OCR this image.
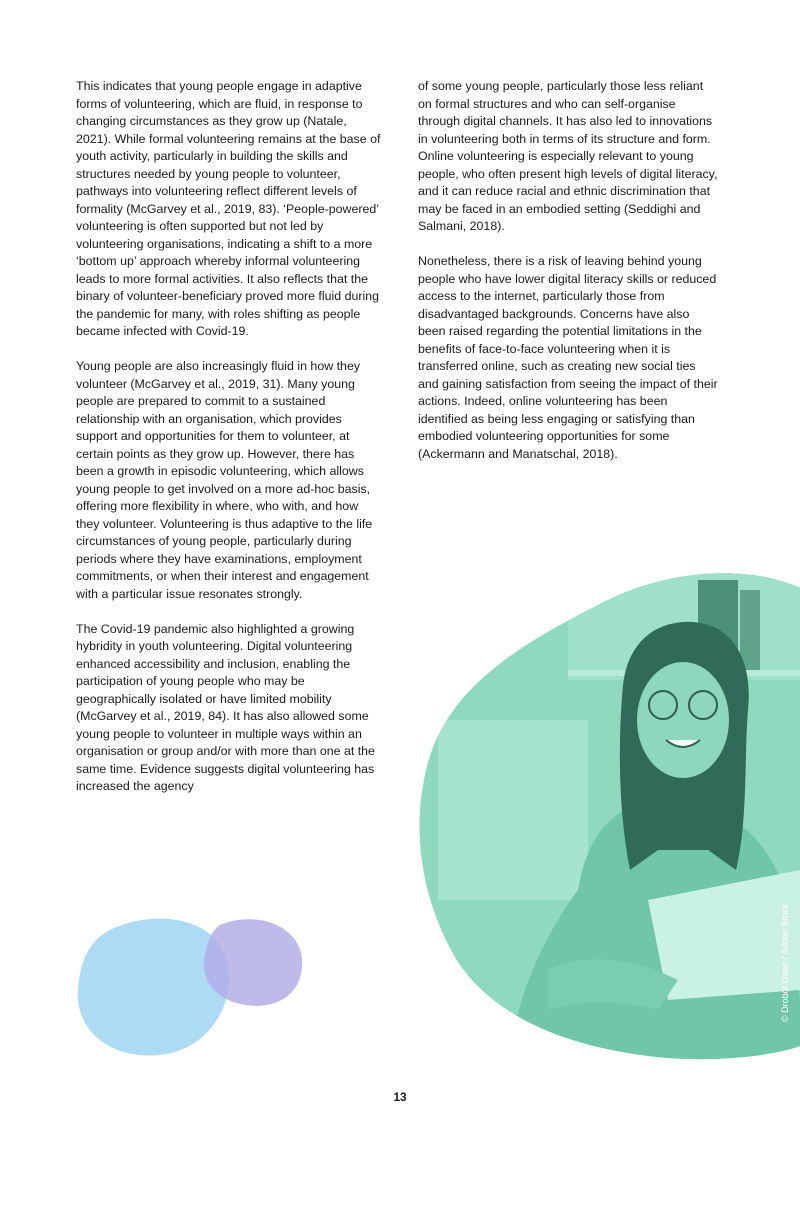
This indicates that young people engage in adaptive forms of volunteering, which are fluid, in response to changing circumstances as they grow up (Natale, 2021). While formal volunteering remains at the base of youth activity, particularly in building the skills and structures needed by young people to volunteer, pathways into volunteering reflect different levels of formality (McGarvey et al., 2019, 83). ‘People-powered’ volunteering is often supported but not led by volunteering organisations, indicating a shift to a more ‘bottom up’ approach whereby informal volunteering leads to more formal activities. It also reflects that the binary of volunteer-beneficiary proved more fluid during the pandemic for many, with roles shifting as people became infected with Covid-19.

Young people are also increasingly fluid in how they volunteer (McGarvey et al., 2019, 31). Many young people are prepared to commit to a sustained relationship with an organisation, which provides support and opportunities for them to volunteer, at certain points as they grow up. However, there has been a growth in episodic volunteering, which allows young people to get involved on a more ad-hoc basis, offering more flexibility in where, who with, and how they volunteer. Volunteering is thus adaptive to the life circumstances of young people, particularly during periods where they have examinations, employment commitments, or when their interest and engagement with a particular issue resonates strongly.

The Covid-19 pandemic also highlighted a growing hybridity in youth volunteering. Digital volunteering enhanced accessibility and inclusion, enabling the participation of young people who may be geographically isolated or have limited mobility (McGarvey et al., 2019, 84). It has also allowed some young people to volunteer in multiple ways within an organisation or group and/or with more than one at the same time. Evidence suggests digital volunteering has increased the agency

of some young people, particularly those less reliant on formal structures and who can self-organise through digital channels. It has also led to innovations in volunteering both in terms of its structure and form. Online volunteering is especially relevant to young people, who often present high levels of digital literacy, and it can reduce racial and ethnic discrimination that may be faced in an embodied setting (Seddighi and Salmani, 2018).

Nonetheless, there is a risk of leaving behind young people who have lower digital literacy skills or reduced access to the internet, particularly those from disadvantaged backgrounds. Concerns have also been raised regarding the potential limitations in the benefits of face-to-face volunteering when it is transferred online, such as creating new social ties and gaining satisfaction from seeing the impact of their actions. Indeed, online volunteering has been identified as being less engaging or satisfying than embodied volunteering opportunities for some (Ackermann and Manatschal, 2018).

© Drobot Dean / Adobe Stock
13
